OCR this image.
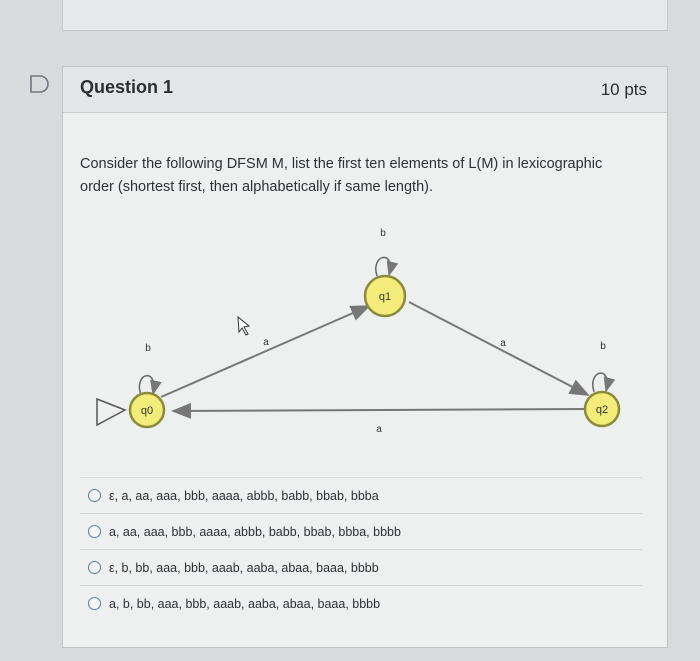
Question 1	10 pts
Consider the following DFSM M, list the first ten elements of L(M) in lexicographic order (shortest first, then alphabetically if same length).
q0
q1
q2
b
a
b
a	b
a
ε, a, aa, aaa, bbb, aaaa, abbb, babb, bbab, bbba
a, aa, aaa, bbb, aaaa, abbb, babb, bbab, bbba, bbbb
ε, b, bb, aaa, bbb, aaab, aaba, abaa, baaa, bbbb
a, b, bb, aaa, bbb, aaab, aaba, abaa, baaa, bbbb
